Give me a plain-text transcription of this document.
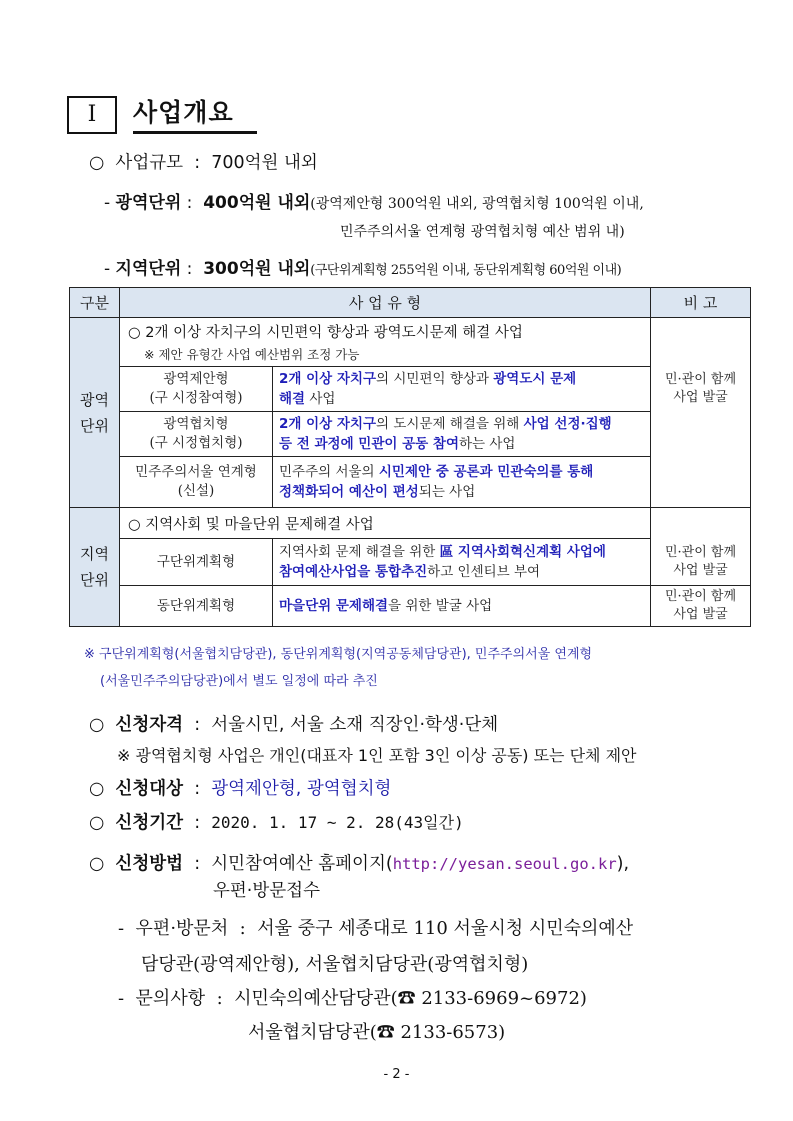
Ⅰ	사업개요
○ 사업규모 : 700억원 내외
- 광역단위 :  400억원 내외(광역제안형 300억원 내외, 광역협치형 100억원 이내,
민주주의서울 연계형 광역협치형 예산 범위 내)
- 지역단위 :  300억원 내외(구단위계획형 255억원 이내, 동단위계획형 60억원 이내)
구분	사 업 유 형		비 고
광역
단위	○ 2개 이상 자치구의 시민편익 향상과 광역도시문제 해결 사업
※ 제안 유형간 사업 예산범위 조정 가능		

	광역제안형
(구 시정참여형)	2개 이상 자치구의 시민편익 향상과 광역도시 문제
해결 사업	민·관이 함께
사업 발굴
	광역협치형
(구 시정협치형)	2개 이상 자치구의 도시문제 해결을 위해 사업 선정·집행
등 전 과정에 민관이 공동 참여하는 사업	
	민주주의서울 연계형
(신설)	민주주의 서울의 시민제안 중 공론과 민관숙의를 통해
정책화되어 예산이 편성되는 사업	
지역
단위	○ 지역사회 및 마을단위 문제해결 사업		
	구단위계획형	지역사회 문제 해결을 위한 區 지역사회혁신계획 사업에
참여예산사업을 통합추진하고 인센티브 부여	민·관이 함께
사업 발굴
	동단위계획형	마을단위 문제해결을 위한 발굴 사업	민·관이 함께
사업 발굴
※ 구단위계획형(서울협치담당관), 동단위계획형(지역공동체담당관), 민주주의서울 연계형
(서울민주주의담당관)에서 별도 일정에 따라 추진
○ 신청자격 : 서울시민, 서울 소재 직장인·학생·단체
※ 광역협치형 사업은 개인(대표자 1인 포함 3인 이상 공동) 또는 단체 제안
○ 신청대상 : 광역제안형, 광역협치형
○ 신청기간 : 2020. 1. 17 ~ 2. 28(43일간)
○ 신청방법 : 시민참여예산 홈페이지(http://yesan.seoul.go.kr),
우편·방문접수
- 우편·방문처 : 서울 중구 세종대로 110 서울시청 시민숙의예산
담당관(광역제안형), 서울협치담당관(광역협치형)
- 문의사항 : 시민숙의예산담당관(☎ 2133-6969~6972)
서울협치담당관(☎ 2133-6573)
- 2 -
